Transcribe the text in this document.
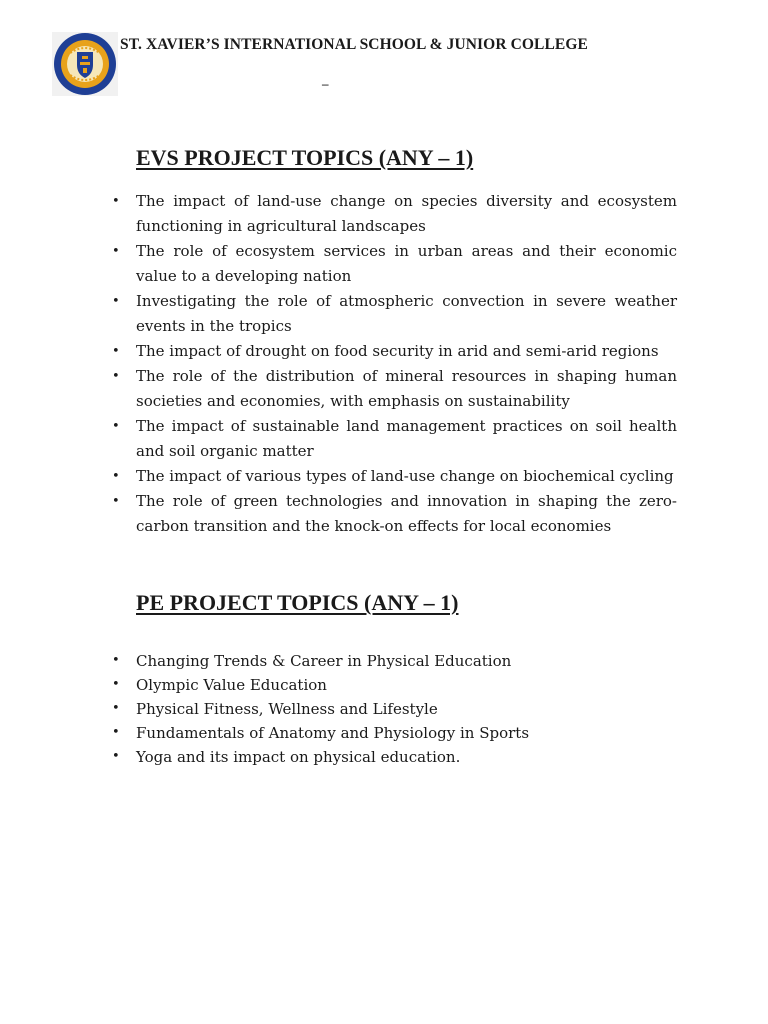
ST. XAVIER’S INTERNATIONAL SCHOOL & JUNIOR COLLEGE
–
EVS PROJECT TOPICS (ANY – 1)
• The impact of land-use change on species diversity and ecosystem functioning in agricultural landscapes
• The role of ecosystem services in urban areas and their economic value to a developing nation
• Investigating the role of atmospheric convection in severe weather events in the tropics
• The impact of drought on food security in arid and semi-arid regions
• The role of the distribution of mineral resources in shaping human societies and economies, with emphasis on sustainability
• The impact of sustainable land management practices on soil health and soil organic matter
• The impact of various types of land-use change on biochemical cycling
• The role of green technologies and innovation in shaping the zero-carbon transition and the knock-on effects for local economies
PE PROJECT TOPICS (ANY – 1)
• Changing Trends & Career in Physical Education
• Olympic Value Education
• Physical Fitness, Wellness and Lifestyle
• Fundamentals of Anatomy and Physiology in Sports
• Yoga and its impact on physical education.
